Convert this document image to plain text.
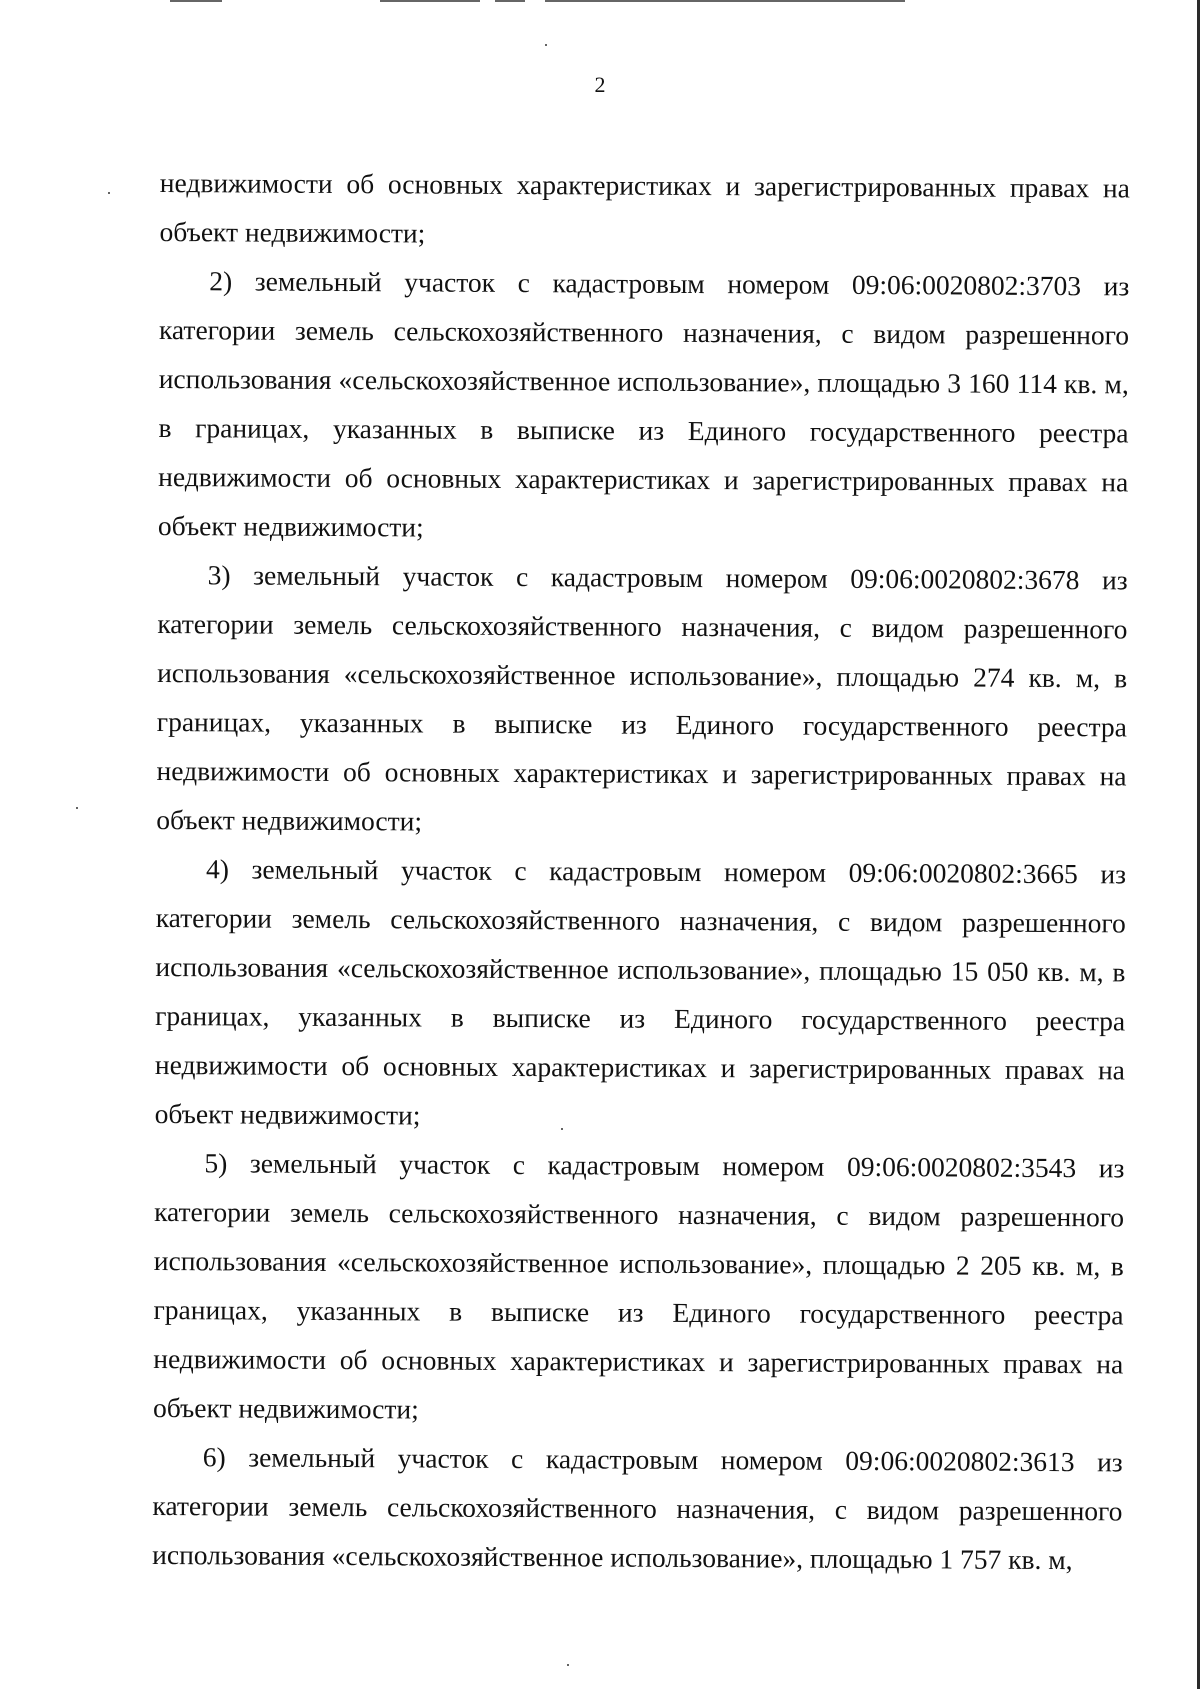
2

недвижимости об основных характеристиках и зарегистрированных правах на объект недвижимости;

2) земельный участок с кадастровым номером 09:06:0020802:3703 из категории земель сельскохозяйственного назначения, с видом разрешенного использования «сельскохозяйственное использование», площадью 3 160 114 кв. м, в границах, указанных в выписке из Единого государственного реестра недвижимости об основных характеристиках и зарегистрированных правах на объект недвижимости;

3) земельный участок с кадастровым номером 09:06:0020802:3678 из категории земель сельскохозяйственного назначения, с видом разрешенного использования «сельскохозяйственное использование», площадью 274 кв. м, в границах, указанных в выписке из Единого государственного реестра недвижимости об основных характеристиках и зарегистрированных правах на объект недвижимости;

4) земельный участок с кадастровым номером 09:06:0020802:3665 из категории земель сельскохозяйственного назначения, с видом разрешенного использования «сельскохозяйственное использование», площадью 15 050 кв. м, в границах, указанных в выписке из Единого государственного реестра недвижимости об основных характеристиках и зарегистрированных правах на объект недвижимости;

5) земельный участок с кадастровым номером 09:06:0020802:3543 из категории земель сельскохозяйственного назначения, с видом разрешенного использования «сельскохозяйственное использование», площадью 2 205 кв. м, в границах, указанных в выписке из Единого государственного реестра недвижимости об основных характеристиках и зарегистрированных правах на объект недвижимости;

6) земельный участок с кадастровым номером 09:06:0020802:3613 из категории земель сельскохозяйственного назначения, с видом разрешенного использования «сельскохозяйственное использование», площадью 1 757 кв. м,
